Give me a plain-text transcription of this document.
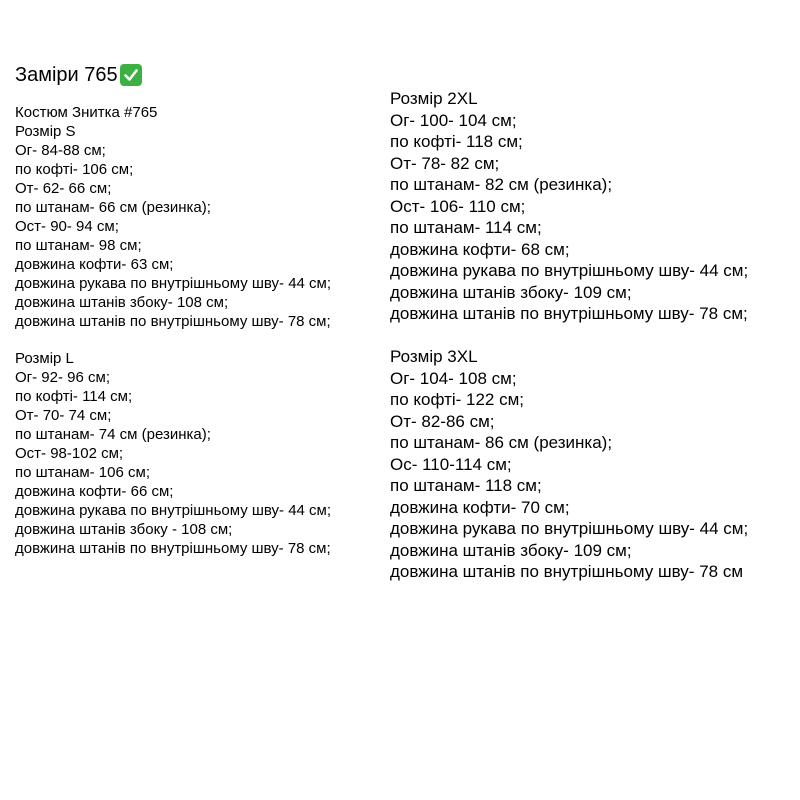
Заміри 765
Костюм Знитка #765
Розмір S
Ог- 84-88 см;
по кофті- 106 см;
От- 62- 66 см;
по штанам- 66 см (резинка);
Ост- 90- 94 см;
по штанам- 98 см;
довжина кофти- 63 см;
довжина рукава по внутрішньому шву- 44 см;
довжина штанів збоку- 108 см;
довжина штанів по внутрішньому шву- 78 см;
Розмір L
Ог- 92- 96 см;
по кофті- 114 см;
От- 70- 74 см;
по штанам- 74 см (резинка);
Ост- 98-102 см;
по штанам- 106 см;
довжина кофти- 66 см;
довжина рукава по внутрішньому шву- 44 см;
довжина штанів збоку - 108 см;
довжина штанів по внутрішньому шву- 78 см;
Розмір 2XL
Ог- 100- 104 см;
по кофті- 118 см;
От- 78- 82 см;
по штанам- 82 см (резинка);
Ост- 106- 110 см;
по штанам- 114 см;
довжина кофти- 68 см;
довжина рукава по внутрішньому шву- 44 см;
довжина штанів збоку- 109 см;
довжина штанів по внутрішньому шву- 78 см;
Розмір 3XL
Ог- 104- 108 см;
по кофті- 122 см;
От- 82-86 см;
по штанам- 86 см (резинка);
Ос- 110-114 см;
по штанам- 118 см;
довжина кофти- 70 см;
довжина рукава по внутрішньому шву- 44 см;
довжина штанів збоку- 109 см;
довжина штанів по внутрішньому шву- 78 см
